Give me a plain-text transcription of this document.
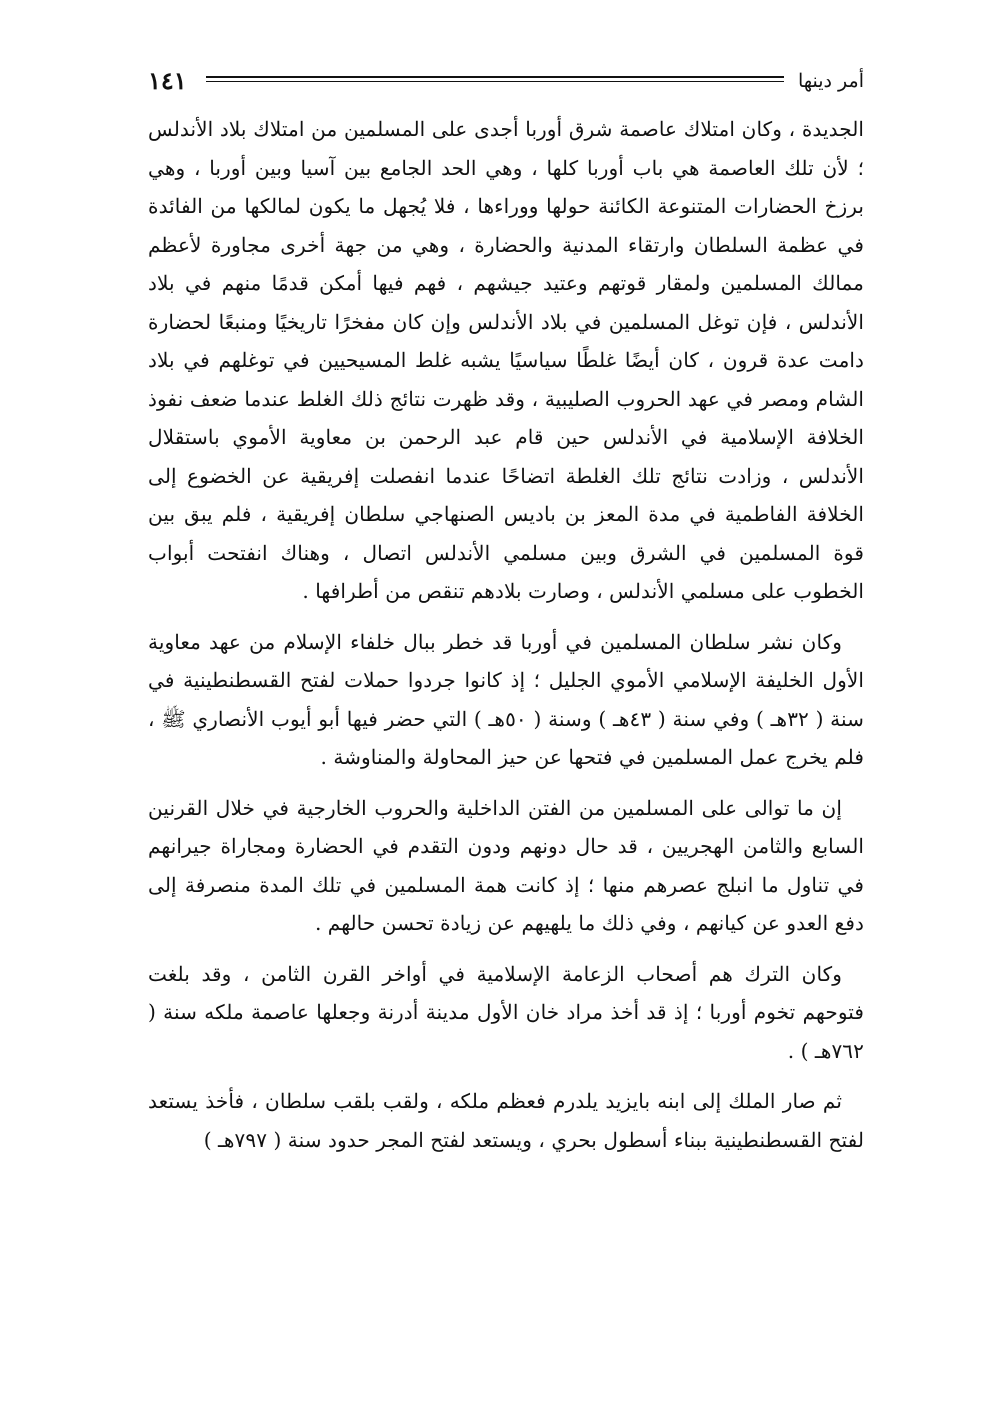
١٤١	أمر دينها

الجديدة ، وكان امتلاك عاصمة شرق أوربا أجدى على المسلمين من امتلاك بلاد الأندلس ؛ لأن تلك العاصمة هي باب أوربا كلها ، وهي الحد الجامع بين آسيا وبين أوربا ، وهي برزخ الحضارات المتنوعة الكائنة حولها ووراءها ، فلا يُجهل ما يكون لمالكها من الفائدة في عظمة السلطان وارتقاء المدنية والحضارة ، وهي من جهة أخرى مجاورة لأعظم ممالك المسلمين ولمقار قوتهم وعتيد جيشهم ، فهم فيها أمكن قدمًا منهم في بلاد الأندلس ، فإن توغل المسلمين في بلاد الأندلس وإن كان مفخرًا تاريخيًا ومنبعًا لحضارة دامت عدة قرون ، كان أيضًا غلطًا سياسيًا يشبه غلط المسيحيين في توغلهم في بلاد الشام ومصر في عهد الحروب الصليبية ، وقد ظهرت نتائج ذلك الغلط عندما ضعف نفوذ الخلافة الإسلامية في الأندلس حين قام عبد الرحمن بن معاوية الأموي باستقلال الأندلس ، وزادت نتائج تلك الغلطة اتضاحًا عندما انفصلت إفريقية عن الخضوع إلى الخلافة الفاطمية في مدة المعز بن باديس الصنهاجي سلطان إفريقية ، فلم يبق بين قوة المسلمين في الشرق وبين مسلمي الأندلس اتصال ، وهناك انفتحت أبواب الخطوب على مسلمي الأندلس ، وصارت بلادهم تنقص من أطرافها .

وكان نشر سلطان المسلمين في أوربا قد خطر ببال خلفاء الإسلام من عهد معاوية الأول الخليفة الإسلامي الأموي الجليل ؛ إذ كانوا جردوا حملات لفتح القسطنطينية في سنة ( ٣٢هـ ) وفي سنة ( ٤٣هـ ) وسنة ( ٥٠هـ ) التي حضر فيها أبو أيوب الأنصاري ﷺ ، فلم يخرج عمل المسلمين في فتحها عن حيز المحاولة والمناوشة .

إن ما توالى على المسلمين من الفتن الداخلية والحروب الخارجية في خلال القرنين السابع والثامن الهجريين ، قد حال دونهم ودون التقدم في الحضارة ومجاراة جيرانهم في تناول ما انبلج عصرهم منها ؛ إذ كانت همة المسلمين في تلك المدة منصرفة إلى دفع العدو عن كيانهم ، وفي ذلك ما يلهيهم عن زيادة تحسن حالهم .

وكان الترك هم أصحاب الزعامة الإسلامية في أواخر القرن الثامن ، وقد بلغت فتوحهم تخوم أوربا ؛ إذ قد أخذ مراد خان الأول مدينة أدرنة وجعلها عاصمة ملكه سنة ( ٧٦٢هـ ) .

ثم صار الملك إلى ابنه بايزيد يلدرم فعظم ملكه ، ولقب بلقب سلطان ، فأخذ يستعد لفتح القسطنطينية ببناء أسطول بحري ، ويستعد لفتح المجر حدود سنة ( ٧٩٧هـ )
